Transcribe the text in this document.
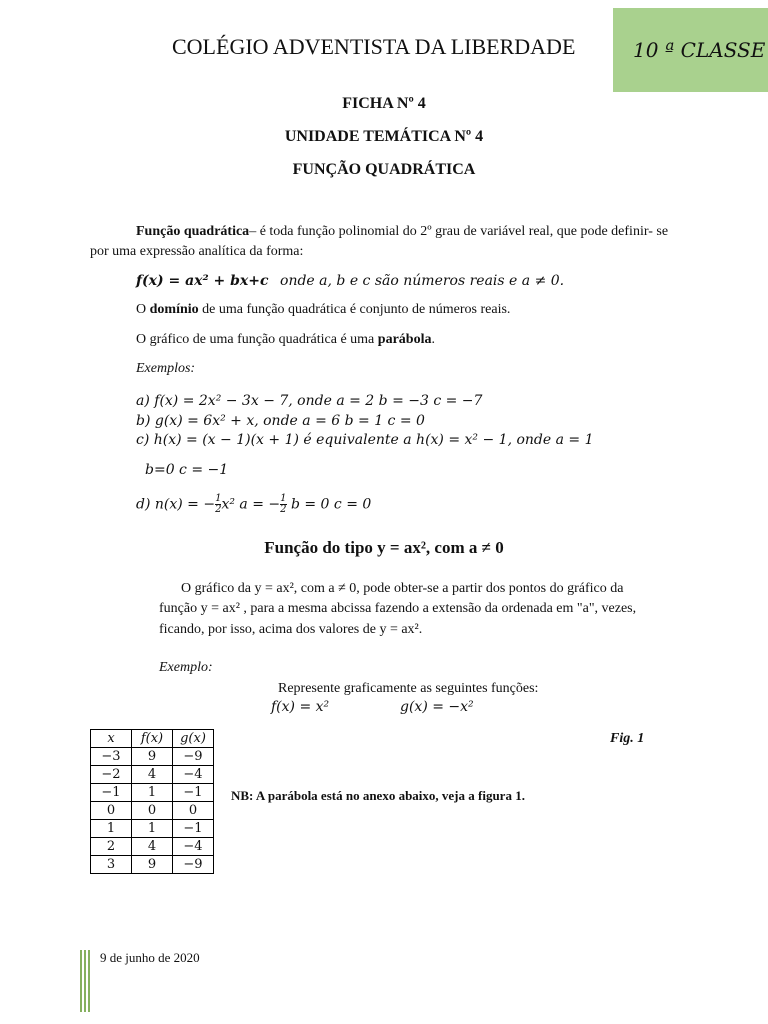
COLÉGIO ADVENTISTA DA LIBERDADE	10 ª CLASSE
FICHA Nº 4
UNIDADE TEMÁTICA Nº 4
FUNÇÃO QUADRÁTICA
Função quadrática– é toda função polinomial do 2º grau de variável real, que pode definir- se por uma expressão analítica da forma:
f(x) = ax² + bx+c onde a, b e c são números reais e a ≠ 0.
O domínio de uma função quadrática é conjunto de números reais.
O gráfico de uma função quadrática é uma parábola.
Exemplos:
a) f(x) = 2x² − 3x − 7, onde a = 2 b = −3 c = −7
b) g(x) = 6x² + x, onde a = 6 b = 1 c = 0
c) h(x) = (x − 1)(x + 1) é equivalente a h(x) = x² − 1, onde a = 1
b=0 c = −1
d) n(x) = − $\frac{1}{2} x^2$ a = − $\frac{1}{2}$ b = 0 c = 0
Função do tipo y = ax², com a ≠ 0
O gráfico da y = ax², com a ≠ 0, pode obter-se a partir dos pontos do gráfico da
função y = ax² , para a mesma abcissa fazendo a extensão da ordenada em "a", vezes,
ficando, por isso, acima dos valores de y = ax².
Exemplo:
Represente graficamente as seguintes funções:
f(x) = x²	g(x) = −x²
x	f(x)	g(x)
−3	9	−9
−2	4	−4
−1	1	−1
0	0	0
1	1	−1
2	4	−4
3	9	−9
Fig. 1
NB: A parábola está no anexo abaixo, veja a figura 1.
9 de junho de 2020
